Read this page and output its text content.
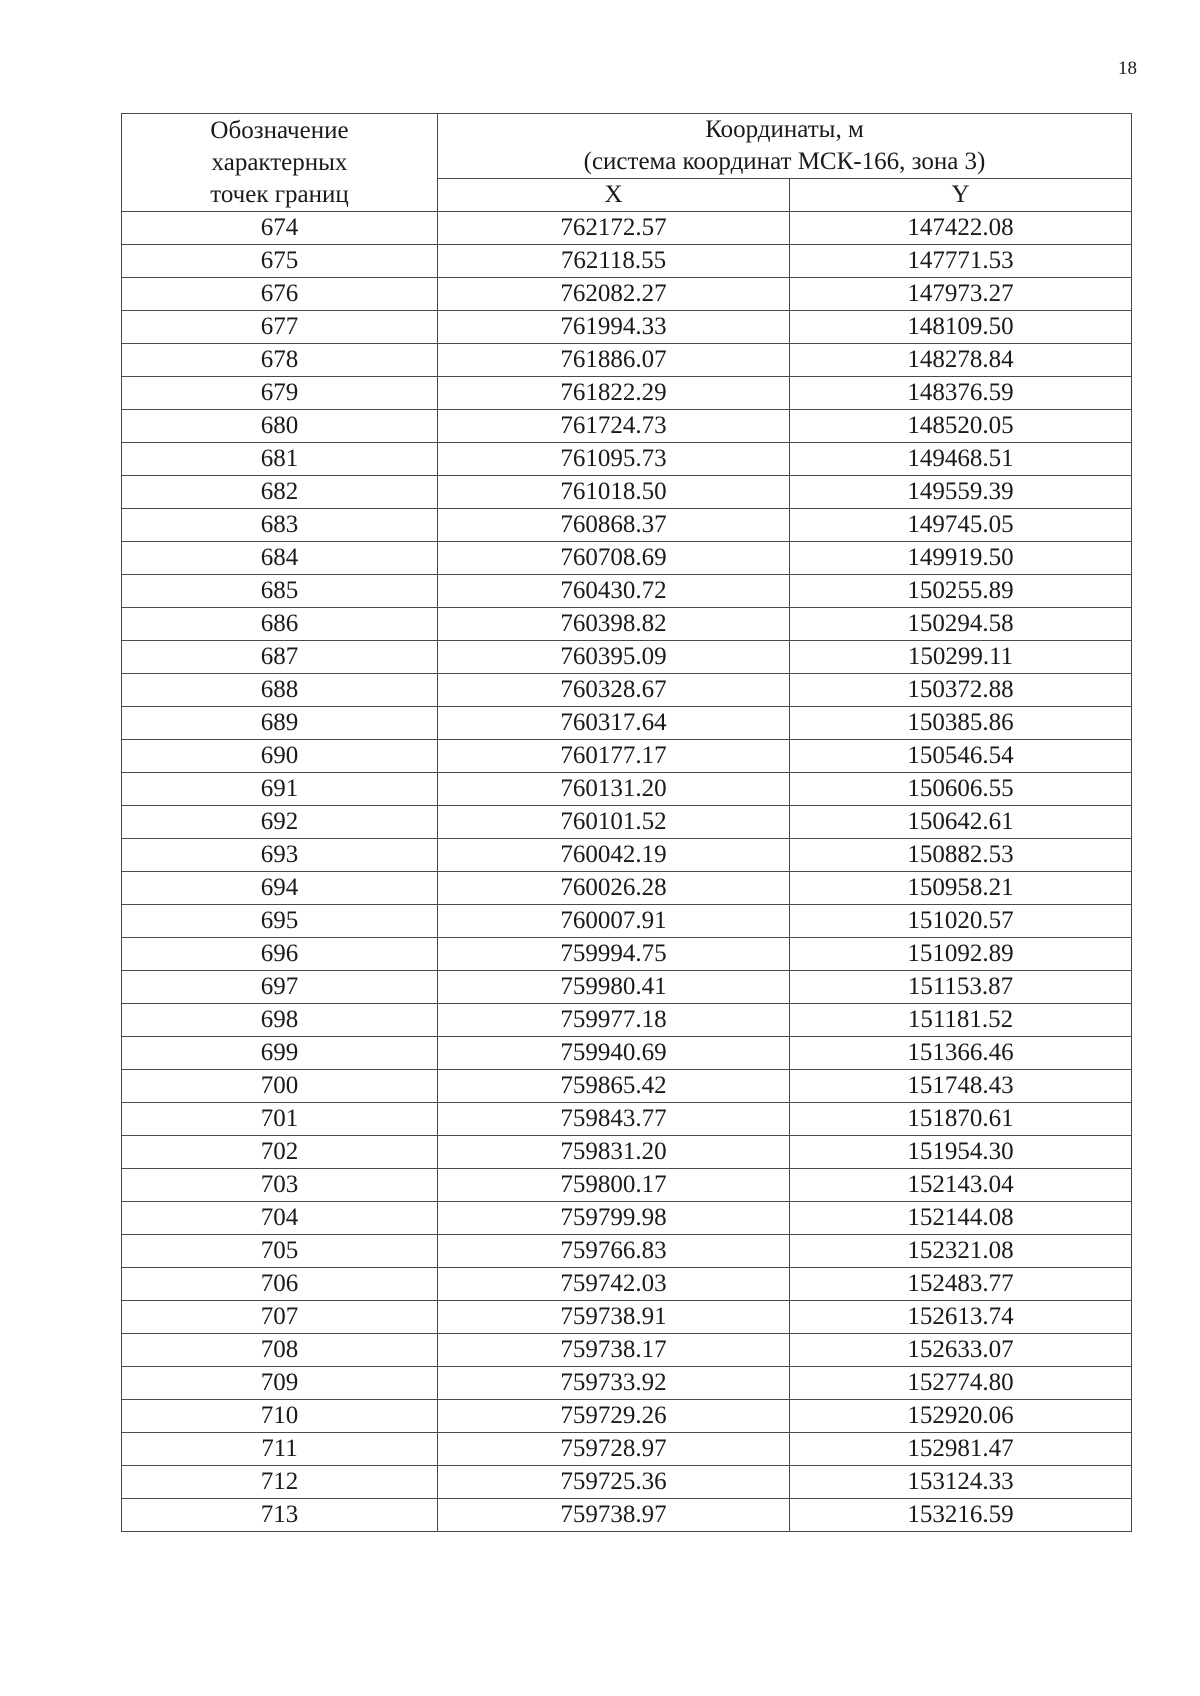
18
Обозначение
характерных
точек границ	Координаты, м
(система координат МСК-166, зона 3)	

	X	Y
674	762172.57	147422.08
675	762118.55	147771.53
676	762082.27	147973.27
677	761994.33	148109.50
678	761886.07	148278.84
679	761822.29	148376.59
680	761724.73	148520.05
681	761095.73	149468.51
682	761018.50	149559.39
683	760868.37	149745.05
684	760708.69	149919.50
685	760430.72	150255.89
686	760398.82	150294.58
687	760395.09	150299.11
688	760328.67	150372.88
689	760317.64	150385.86
690	760177.17	150546.54
691	760131.20	150606.55
692	760101.52	150642.61
693	760042.19	150882.53
694	760026.28	150958.21
695	760007.91	151020.57
696	759994.75	151092.89
697	759980.41	151153.87
698	759977.18	151181.52
699	759940.69	151366.46
700	759865.42	151748.43
701	759843.77	151870.61
702	759831.20	151954.30
703	759800.17	152143.04
704	759799.98	152144.08
705	759766.83	152321.08
706	759742.03	152483.77
707	759738.91	152613.74
708	759738.17	152633.07
709	759733.92	152774.80
710	759729.26	152920.06
711	759728.97	152981.47
712	759725.36	153124.33
713	759738.97	153216.59
